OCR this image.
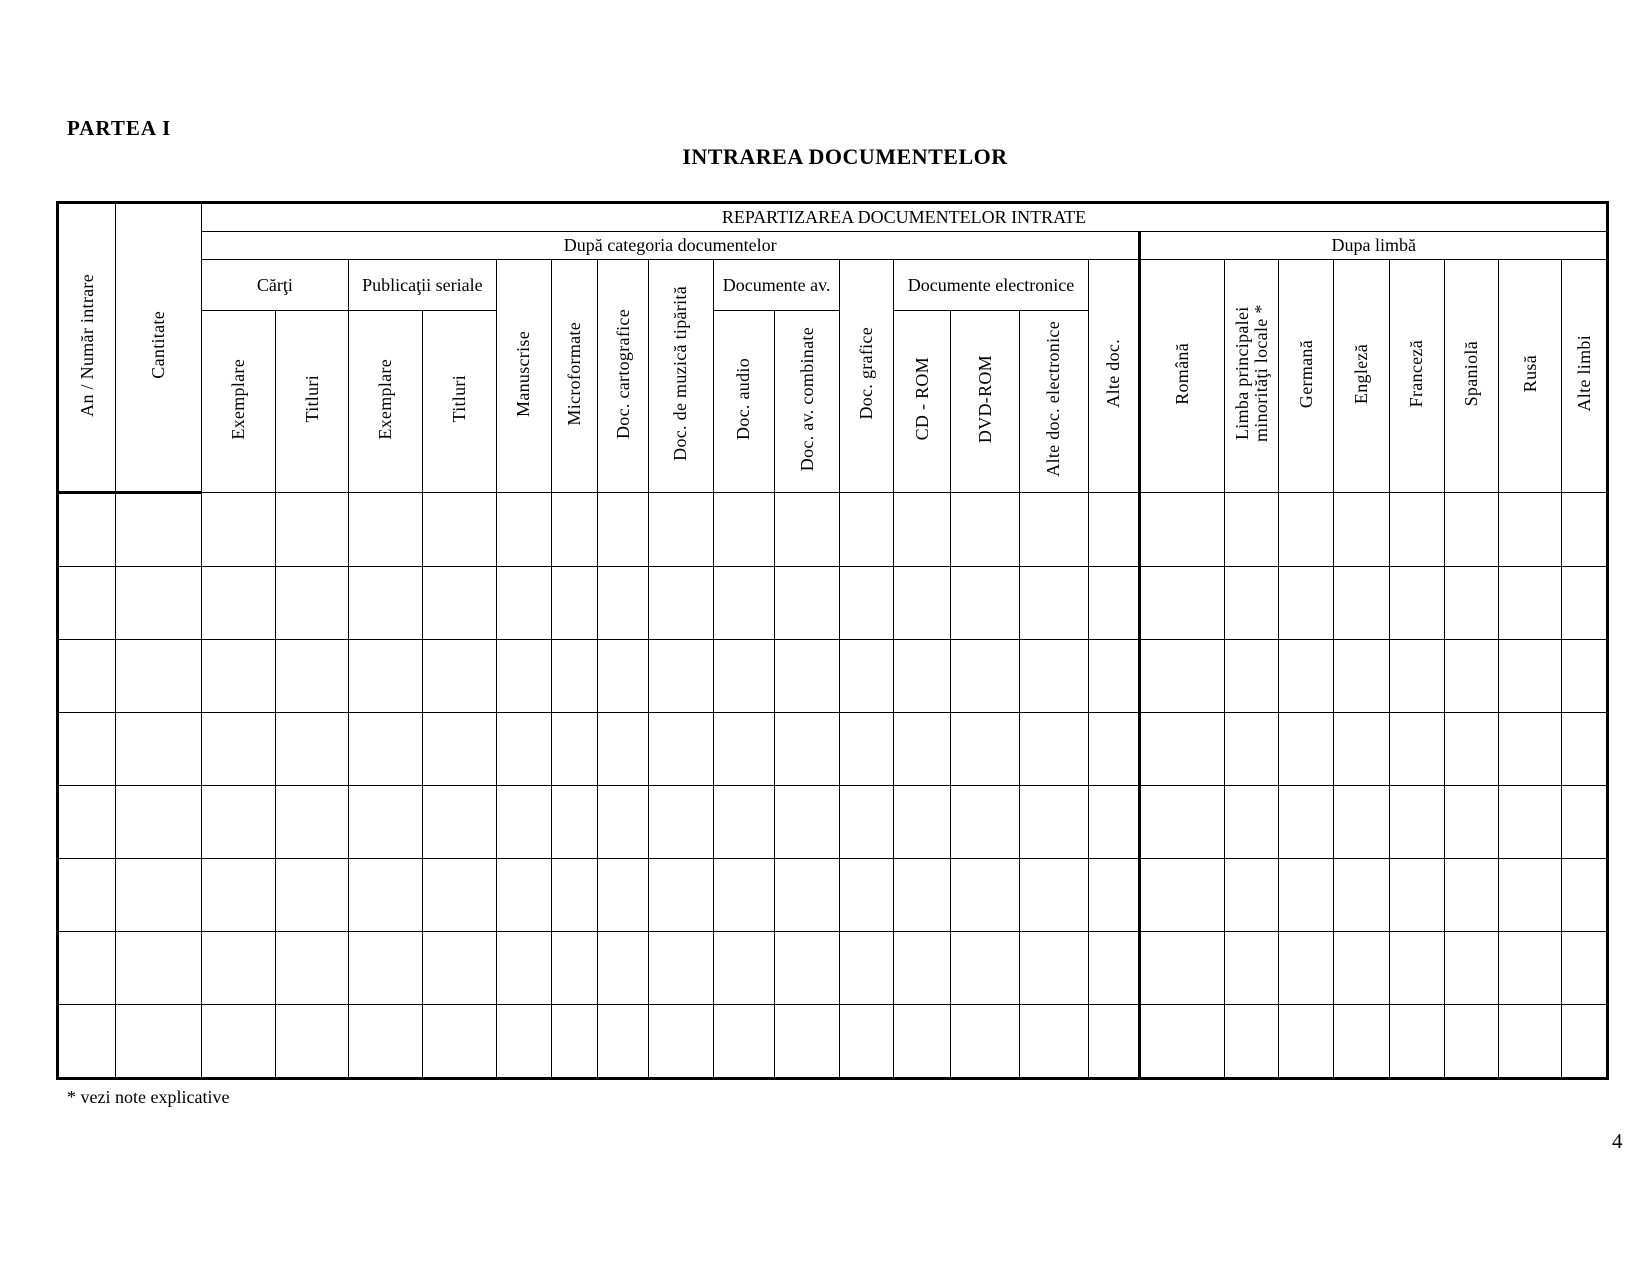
PARTEA I
INTRAREA DOCUMENTELOR
An / Număr intrare	Cantitate	REPARTIZAREA DOCUMENTELOR INTRATE																						
		După categoria documentelor															Dupa limbă							
		Cărţi		Publicaţii seriale		Manuscrise	Microformate	Doc. cartografice	Doc. de muzică tipărită	Documente av.		Doc. grafice	Documente electronice			Alte doc.	Română	Limba principalei minorităţi locale *	Germană	Engleză	Franceză	Spaniolă	Rusă	Alte limbi
		Exemplare	Titluri	Exemplare	Titluri					Doc. audio	Doc. av. combinate		CD - ROM	DVD-ROM	Alte doc. electronice									

* vezi note explicative
4
